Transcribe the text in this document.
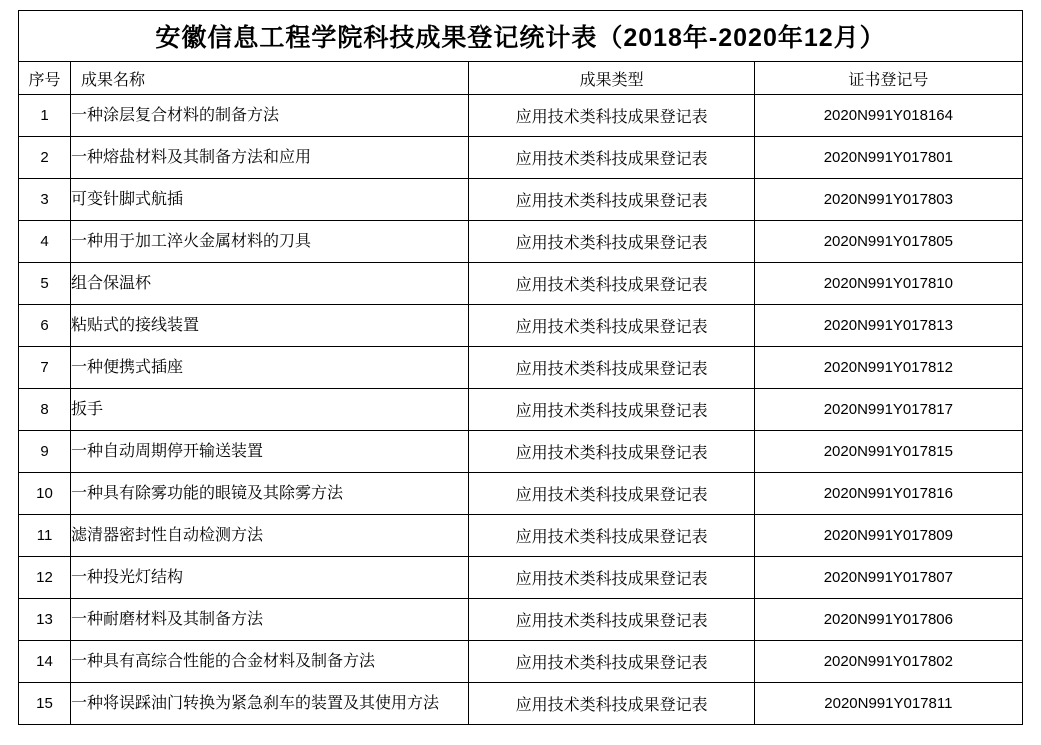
安徽信息工程学院科技成果登记统计表（2018年-2020年12月）			
序号	成果名称	成果类型	证书登记号
1	一种涂层复合材料的制备方法	应用技术类科技成果登记表	2020N991Y018164
2	一种熔盐材料及其制备方法和应用	应用技术类科技成果登记表	2020N991Y017801
3	可变针脚式航插	应用技术类科技成果登记表	2020N991Y017803
4	一种用于加工淬火金属材料的刀具	应用技术类科技成果登记表	2020N991Y017805
5	组合保温杯	应用技术类科技成果登记表	2020N991Y017810
6	粘贴式的接线装置	应用技术类科技成果登记表	2020N991Y017813
7	一种便携式插座	应用技术类科技成果登记表	2020N991Y017812
8	扳手	应用技术类科技成果登记表	2020N991Y017817
9	一种自动周期停开输送装置	应用技术类科技成果登记表	2020N991Y017815
10	一种具有除雾功能的眼镜及其除雾方法	应用技术类科技成果登记表	2020N991Y017816
11	滤清器密封性自动检测方法	应用技术类科技成果登记表	2020N991Y017809
12	一种投光灯结构	应用技术类科技成果登记表	2020N991Y017807
13	一种耐磨材料及其制备方法	应用技术类科技成果登记表	2020N991Y017806
14	一种具有高综合性能的合金材料及制备方法	应用技术类科技成果登记表	2020N991Y017802
15	一种将误踩油门转换为紧急刹车的装置及其使用方法	应用技术类科技成果登记表	2020N991Y017811
